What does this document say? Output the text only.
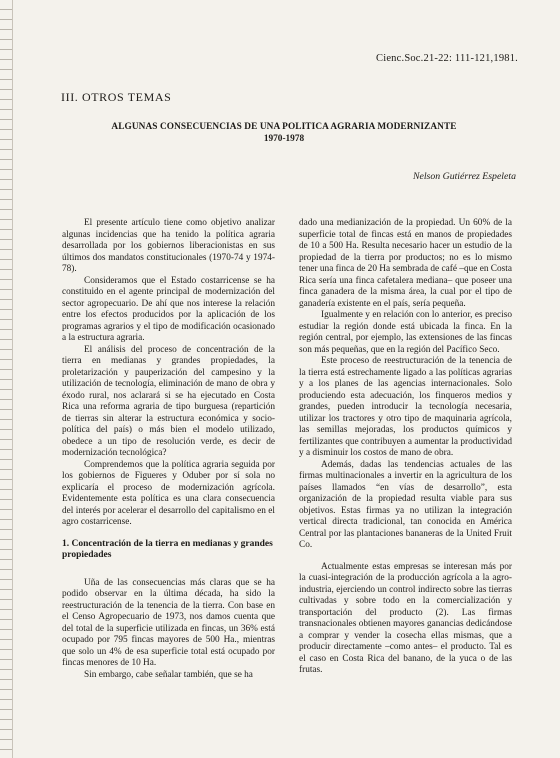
Cienc.Soc.21-22: 111-121,1981.
III. OTROS TEMAS
ALGUNAS CONSECUENCIAS DE UNA POLITICA AGRARIA MODERNIZANTE
1970-1978
Nelson Gutiérrez Espeleta

El presente artículo tiene como objetivo analizar algunas incidencias que ha tenido la política agraria desarrollada por los gobiernos liberacionistas en sus últimos dos mandatos constitucionales (1970-74 y 1974-78).

Consideramos que el Estado costarricense se ha constituido en el agente principal de modernización del sector agropecuario. De ahí que nos interese la relación entre los efectos producidos por la aplicación de los programas agrarios y el tipo de modificación ocasionado a la estructura agraria.

El análisis del proceso de concentración de la tierra en medianas y grandes propiedades, la proletarización y pauperización del campesino y la utilización de tecnología, eliminación de mano de obra y éxodo rural, nos aclarará si se ha ejecutado en Costa Rica una reforma agraria de tipo burguesa (repartición de tierras sin alterar la estructura económica y socio-política del país) o más bien el modelo utilizado, obedece a un tipo de resolución verde, es decir de modernización tecnológica?

Comprendemos que la política agraria seguida por los gobiernos de Figueres y Oduber por sí sola no explicaría el proceso de modernización agrícola. Evidentemente esta política es una clara consecuencia del interés por acelerar el desarrollo del capitalismo en el agro costarricense.

1. Concentración de la tierra en medianas y grandes propiedades

Uña de las consecuencias más claras que se ha podido observar en la última década, ha sido la reestructuración de la tenencia de la tierra. Con base en el Censo Agropecuario de 1973, nos damos cuenta que del total de la superficie utilizada en fincas, un 36% está ocupado por 795 fincas mayores de 500 Ha., mientras que solo un 4% de esa superficie total está ocupado por fincas menores de 10 Ha.

Sin embargo, cabe señalar también, que se ha

dado una medianización de la propiedad. Un 60% de la superficie total de fincas está en manos de propiedades de 10 a 500 Ha. Resulta necesario hacer un estudio de la propiedad de la tierra por productos; no es lo mismo tener una finca de 20 Ha sembrada de café –que en Costa Rica sería una finca cafetalera mediana– que poseer una finca ganadera de la misma área, la cual por el tipo de ganadería existente en el país, sería pequeña.

Igualmente y en relación con lo anterior, es preciso estudiar la región donde está ubicada la finca. En la región central, por ejemplo, las extensiones de las fincas son más pequeñas, que en la región del Pacífico Seco.

Este proceso de reestructuración de la tenencia de la tierra está estrechamente ligado a las políticas agrarias y a los planes de las agencias internacionales. Solo produciendo esta adecuación, los finqueros medios y grandes, pueden introducir la tecnología necesaria, utilizar los tractores y otro tipo de maquinaria agrícola, las semillas mejoradas, los productos químicos y fertilizantes que contribuyen a aumentar la productividad y a disminuir los costos de mano de obra.

Además, dadas las tendencias actuales de las firmas multinacionales a invertir en la agricultura de los países llamados “en vías de desarrollo”, esta organización de la propiedad resulta viable para sus objetivos. Estas firmas ya no utilizan la integración vertical directa tradicional, tan conocida en América Central por las plantaciones bananeras de la United Fruit Co.

Actualmente estas empresas se interesan más por la cuasi-integración de la producción agrícola a la agro-industria, ejerciendo un control indirecto sobre las tierras cultivadas y sobre todo en la comercialización y transportación del producto (2). Las firmas transnacionales obtienen mayores ganancias dedicándose a comprar y vender la cosecha ellas mismas, que a producir directamente –como antes– el producto. Tal es el caso en Costa Rica del banano, de la yuca o de las frutas.
